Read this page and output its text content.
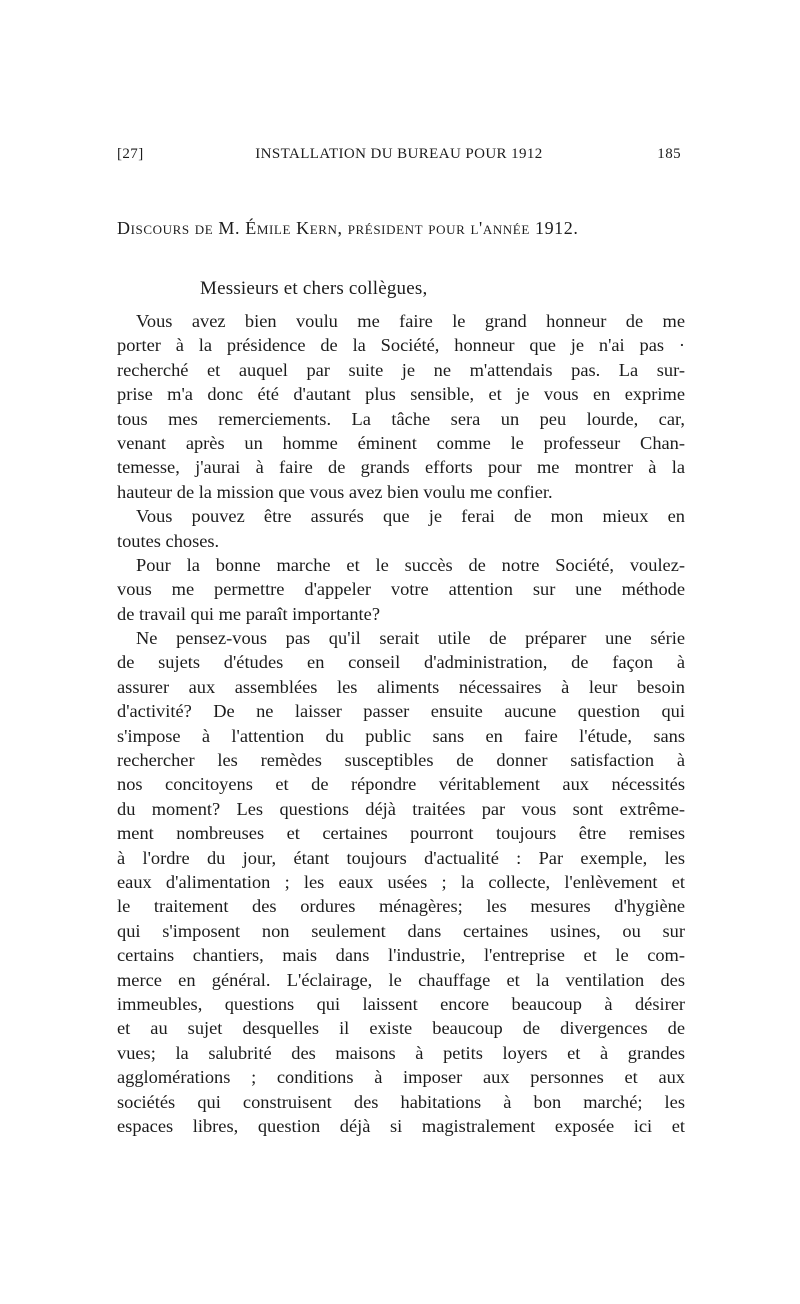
[27]	INSTALLATION DU BUREAU POUR 1912	185
Discours de M. Émile Kern, président pour l'année 1912.
Messieurs et chers collègues,
Vous avez bien voulu me faire le grand honneur de me
porter à la présidence de la Société, honneur que je n'ai pas ·
recherché et auquel par suite je ne m'attendais pas. La sur-
prise m'a donc été d'autant plus sensible, et je vous en exprime
tous mes remerciements. La tâche sera un peu lourde, car,
venant après un homme éminent comme le professeur Chan-
temesse, j'aurai à faire de grands efforts pour me montrer à la
hauteur de la mission que vous avez bien voulu me confier.
Vous pouvez être assurés que je ferai de mon mieux en
toutes choses.
Pour la bonne marche et le succès de notre Société, voulez-
vous me permettre d'appeler votre attention sur une méthode
de travail qui me paraît importante?
Ne pensez-vous pas qu'il serait utile de préparer une série
de sujets d'études en conseil d'administration, de façon à
assurer aux assemblées les aliments nécessaires à leur besoin
d'activité? De ne laisser passer ensuite aucune question qui
s'impose à l'attention du public sans en faire l'étude, sans
rechercher les remèdes susceptibles de donner satisfaction à
nos concitoyens et de répondre véritablement aux nécessités
du moment? Les questions déjà traitées par vous sont extrême-
ment nombreuses et certaines pourront toujours être remises
à l'ordre du jour, étant toujours d'actualité : Par exemple, les
eaux d'alimentation ; les eaux usées ; la collecte, l'enlèvement et
le traitement des ordures ménagères; les mesures d'hygiène
qui s'imposent non seulement dans certaines usines, ou sur
certains chantiers, mais dans l'industrie, l'entreprise et le com-
merce en général. L'éclairage, le chauffage et la ventilation des
immeubles, questions qui laissent encore beaucoup à désirer
et au sujet desquelles il existe beaucoup de divergences de
vues; la salubrité des maisons à petits loyers et à grandes
agglomérations ; conditions à imposer aux personnes et aux
sociétés qui construisent des habitations à bon marché; les
espaces libres, question déjà si magistralement exposée ici et
